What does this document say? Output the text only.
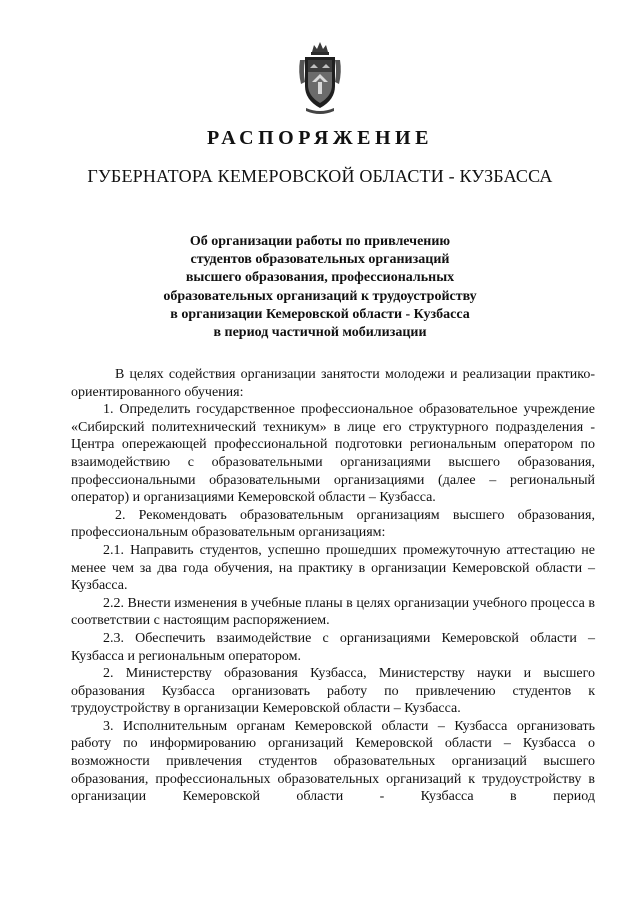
РАСПОРЯЖЕНИЕ
ГУБЕРНАТОРА КЕМЕРОВСКОЙ ОБЛАСТИ - КУЗБАССА
Об организации работы по привлечению
студентов образовательных организаций
высшего образования, профессиональных
образовательных организаций к трудоустройству
в организации Кемеровской области - Кузбасса
в период частичной мобилизации

В целях содействия организации занятости молодежи и реализации практико-ориентированного обучения:

1. Определить государственное профессиональное образовательное учреждение «Сибирский политехнический техникум» в лице его структурного подразделения - Центра опережающей профессиональной подготовки региональным оператором по взаимодействию с образовательными организациями высшего образования, профессиональными образовательными организациями (далее – региональный оператор) и организациями Кемеровской области – Кузбасса.

2. Рекомендовать образовательным организациям высшего образования, профессиональным образовательным организациям:

2.1. Направить студентов, успешно прошедших промежуточную аттестацию не менее чем за два года обучения, на практику в организации Кемеровской области – Кузбасса.

2.2. Внести изменения в учебные планы в целях организации учебного процесса в соответствии с настоящим распоряжением.

2.3. Обеспечить взаимодействие с организациями Кемеровской области – Кузбасса и региональным оператором.

2. Министерству образования Кузбасса, Министерству науки и высшего образования Кузбасса организовать работу по привлечению студентов к трудоустройству в организации Кемеровской области – Кузбасса.

3. Исполнительным органам Кемеровской области – Кузбасса организовать работу по информированию организаций Кемеровской области – Кузбасса о возможности привлечения студентов образовательных организаций высшего образования, профессиональных образовательных организаций к трудоустройству в организации Кемеровской области - Кузбасса в период
